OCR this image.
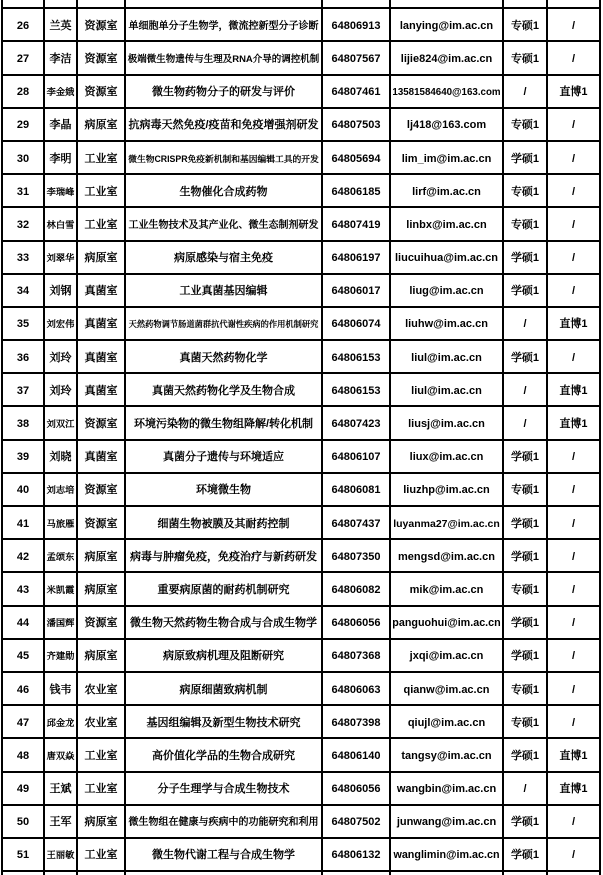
26	兰英	资源室	单细胞单分子生物学，微流控新型分子诊断	64806913	lanying@im.ac.cn	专硕1	/
27	李洁	资源室	极端微生物遗传与生理及RNA介导的调控机制	64807567	lijie824@im.ac.cn	专硕1	/
28	李金娥	资源室	微生物药物分子的研发与评价	64807461	13581584640@163.com	/	直博1
29	李晶	病原室	抗病毒天然免疫/疫苗和免疫增强剂研发	64807503	lj418@163.com	专硕1	/
30	李明	工业室	微生物CRISPR免疫新机制和基因编辑工具的开发	64805694	lim_im@im.ac.cn	学硕1	/
31	李瑞峰	工业室	生物催化合成药物	64806185	lirf@im.ac.cn	专硕1	/
32	林白雪	工业室	工业生物技术及其产业化、微生态制剂研发	64807419	linbx@im.ac.cn	专硕1	/
33	刘翠华	病原室	病原感染与宿主免疫	64806197	liucuihua@im.ac.cn	学硕1	/
34	刘钢	真菌室	工业真菌基因编辑	64806017	liug@im.ac.cn	学硕1	/
35	刘宏伟	真菌室	天然药物调节肠道菌群抗代谢性疾病的作用机制研究	64806074	liuhw@im.ac.cn	/	直博1
36	刘玲	真菌室	真菌天然药物化学	64806153	liul@im.ac.cn	学硕1	/
37	刘玲	真菌室	真菌天然药物化学及生物合成	64806153	liul@im.ac.cn	/	直博1
38	刘双江	资源室	环境污染物的微生物组降解/转化机制	64807423	liusj@im.ac.cn	/	直博1
39	刘晓	真菌室	真菌分子遗传与环境适应	64806107	liux@im.ac.cn	学硕1	/
40	刘志培	资源室	环境微生物	64806081	liuzhp@im.ac.cn	专硕1	/
41	马旅雁	资源室	细菌生物被膜及其耐药控制	64807437	luyanma27@im.ac.cn	学硕1	/
42	孟颂东	病原室	病毒与肿瘤免疫，免疫治疗与新药研发	64807350	mengsd@im.ac.cn	学硕1	/
43	米凯霞	病原室	重要病原菌的耐药机制研究	64806082	mik@im.ac.cn	专硕1	/
44	潘国辉	资源室	微生物天然药物生物合成与合成生物学	64806056	panguohui@im.ac.cn	学硕1	/
45	齐建勋	病原室	病原致病机理及阻断研究	64807368	jxqi@im.ac.cn	学硕1	/
46	钱韦	农业室	病原细菌致病机制	64806063	qianw@im.ac.cn	专硕1	/
47	邱金龙	农业室	基因组编辑及新型生物技术研究	64807398	qiujl@im.ac.cn	专硕1	/
48	唐双焱	工业室	高价值化学品的生物合成研究	64806140	tangsy@im.ac.cn	学硕1	直博1
49	王斌	工业室	分子生理学与合成生物技术	64806056	wangbin@im.ac.cn	/	直博1
50	王军	病原室	微生物组在健康与疾病中的功能研究和利用	64807502	junwang@im.ac.cn	学硕1	/
51	王丽敏	工业室	微生物代谢工程与合成生物学	64806132	wanglimin@im.ac.cn	学硕1	/
